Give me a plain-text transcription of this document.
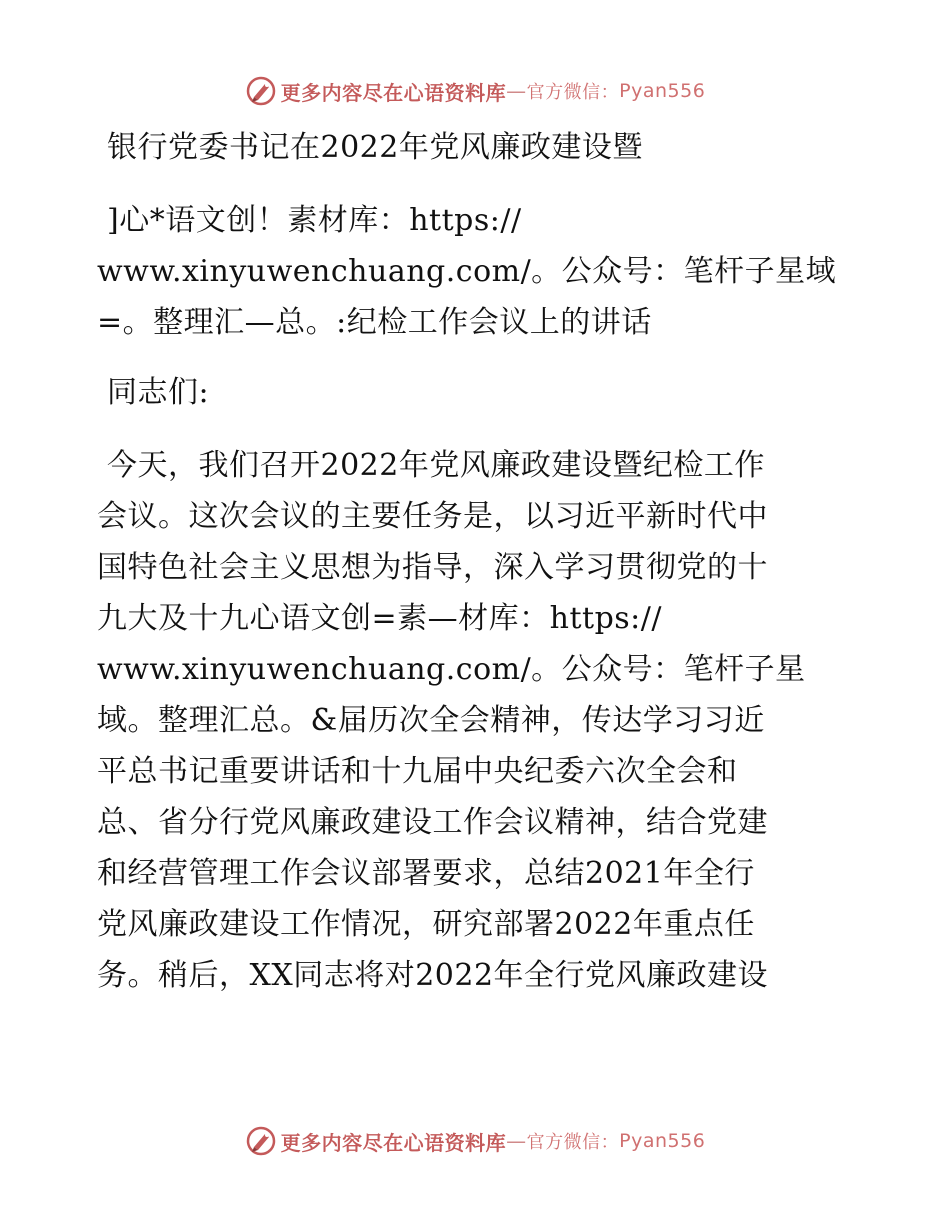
更多内容尽在心语资料库 — 官方微信： Pyan556
银行党委书记在2022年党风廉政建设暨
]心*语文创！素材库：https://
www.xinyuwenchuang.com/。公众号：笔杆子星域
=。整理汇—总。:纪检工作会议上的讲话
同志们:
今天，我们召开2022年党风廉政建设暨纪检工作
会议。这次会议的主要任务是，以习近平新时代中
国特色社会主义思想为指导，深入学习贯彻党的十
九大及十九心语文创=素—材库：https://
www.xinyuwenchuang.com/。公众号：笔杆子星
域。整理汇总。&届历次全会精神，传达学习习近
平总书记重要讲话和十九届中央纪委六次全会和
总、省分行党风廉政建设工作会议精神，结合党建
和经营管理工作会议部署要求，总结2021年全行
党风廉政建设工作情况，研究部署2022年重点任
务。稍后，XX同志将对2022年全行党风廉政建设
更多内容尽在心语资料库 — 官方微信： Pyan556
